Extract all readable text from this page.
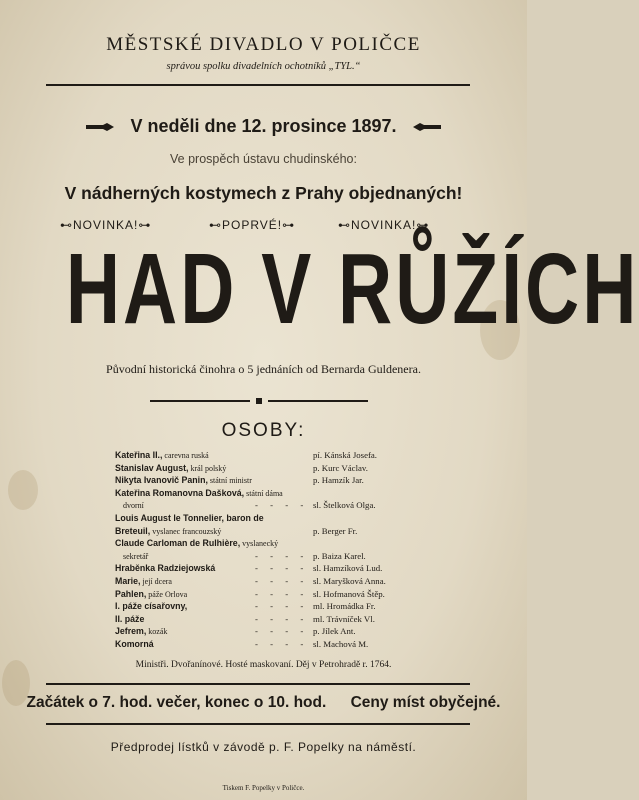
MĚSTSKÉ DIVADLO V POLIČCE
správou spolku divadelních ochotníků „TYL.“
V neděli dne 12. prosince 1897.
Ve prospěch ústavu chudinského:
V nádherných kostymech z Prahy objednaných!
⊷NOVINKA!⊶	⊷POPRVÉ!⊶	⊷NOVINKA!⊶
HAD V RŮŽÍCH
Původní historická činohra o 5 jednáních od Bernarda Guldenera.
OSOBY:
Kateřina II., carevna ruská	pí. Kánská Josefa.
Stanislav August, král polský	p. Kurc Václav.
Nikyta Ivanovič Panin, státní ministr	p. Hamzík Jar.
Kateřina Romanovna Dašková, státní dáma
dvorní	- - - - sl. Štelková Olga.
Louis August le Tonnelier, baron de
Breteuil, vyslanec francouzský	p. Berger Fr.
Claude Carloman de Rulhière, vyslanecký
sekretář	- - - - p. Baiza Karel.
Hraběnka Radziejowská	- - - - sl. Hamzíková Lud.
Marie, její dcera	- - - - sl. Maryšková Anna.
Pahlen, páže Orlova	- - - - sl. Hofmanová Štěp.
I. páže císařovny,	- - - - ml. Hromádka Fr.
II. páže	- - - - ml. Trávníček Vl.
Jefrem, kozák	- - - - p. Jílek Ant.
Komorná	- - - - sl. Machová M.
Ministři. Dvořanínové. Hosté maskovaní. Děj v Petrohradě r. 1764.
Začátek o 7. hod. večer, konec o 10. hod. Ceny míst obyčejné.
Předprodej lístků v závodě p. F. Popelky na náměstí.
Tiskem F. Popelky v Poličce.
